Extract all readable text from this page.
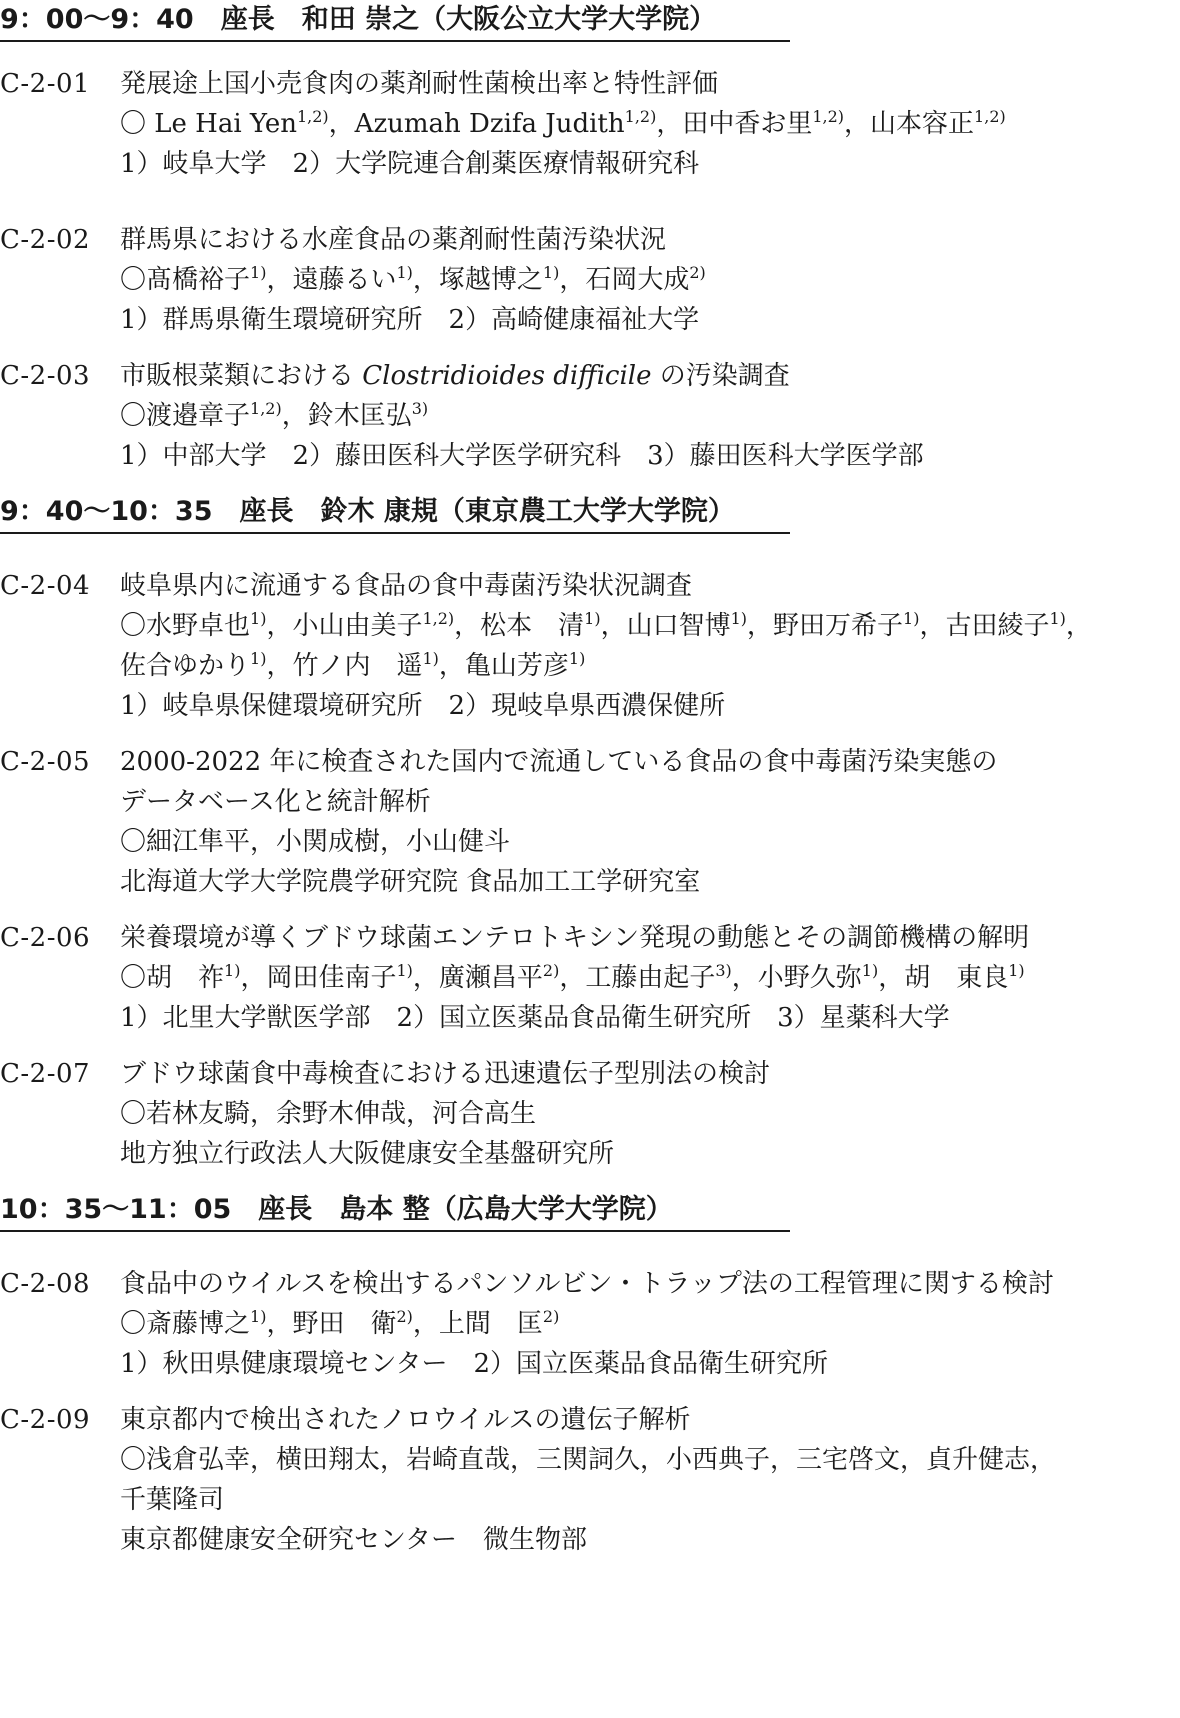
9：00〜9：40　 座長　 和田 崇之（大阪公立大学大学院）
C-2-01 発展途上国小売食肉の薬剤耐性菌検出率と特性評価
〇 Le Hai Yen$^{1,2)}$，Azumah Dzifa Judith$^{1,2)}$，田中香お里$^{1,2)}$，山本容正$^{1,2)}$
1）岐阜大学　2）大学院連合創薬医療情報研究科
C-2-02 群馬県における水産食品の薬剤耐性菌汚染状況
〇髙橋裕子$^{1)}$，遠藤るい$^{1)}$，塚越博之$^{1)}$，石岡大成$^{2)}$
1）群馬県衛生環境研究所　2）高崎健康福祉大学
C-2-03 市販根菜類における Clostridioides difficile の汚染調査
〇渡邉章子$^{1,2)}$，鈴木匡弘$^{3)}$
1）中部大学　2）藤田医科大学医学研究科　3）藤田医科大学医学部
9：40〜10：35　 座長　 鈴木 康規（東京農工大学大学院）
C-2-04 岐阜県内に流通する食品の食中毒菌汚染状況調査
〇水野卓也$^{1)}$，小山由美子$^{1,2)}$，松本　清$^{1)}$，山口智博$^{1)}$，野田万希子$^{1)}$，古田綾子$^{1)}$，
佐合ゆかり$^{1)}$，竹ノ内　遥$^{1)}$，亀山芳彦$^{1)}$
1）岐阜県保健環境研究所　2）現岐阜県西濃保健所
C-2-05 2000-2022 年に検査された国内で流通している食品の食中毒菌汚染実態の
データベース化と統計解析
〇細江隼平，小関成樹，小山健斗
北海道大学大学院農学研究院 食品加工工学研究室
C-2-06 栄養環境が導くブドウ球菌エンテロトキシン発現の動態とその調節機構の解明
〇胡　祚$^{1)}$，岡田佳南子$^{1)}$，廣瀬昌平$^{2)}$，工藤由起子$^{3)}$，小野久弥$^{1)}$，胡　東良$^{1)}$
1）北里大学獣医学部　2）国立医薬品食品衛生研究所　3）星薬科大学
C-2-07 ブドウ球菌食中毒検査における迅速遺伝子型別法の検討
〇若林友騎，余野木伸哉，河合高生
地方独立行政法人大阪健康安全基盤研究所
10：35〜11：05　 座長　 島本 整（広島大学大学院）
C-2-08 食品中のウイルスを検出するパンソルビン・トラップ法の工程管理に関する検討
〇斎藤博之$^{1)}$，野田　衛$^{2)}$，上間　匡$^{2)}$
1）秋田県健康環境センター　2）国立医薬品食品衛生研究所
C-2-09 東京都内で検出されたノロウイルスの遺伝子解析
〇浅倉弘幸，横田翔太，岩崎直哉，三関詞久，小西典子，三宅啓文，貞升健志，
千葉隆司
東京都健康安全研究センター　微生物部
